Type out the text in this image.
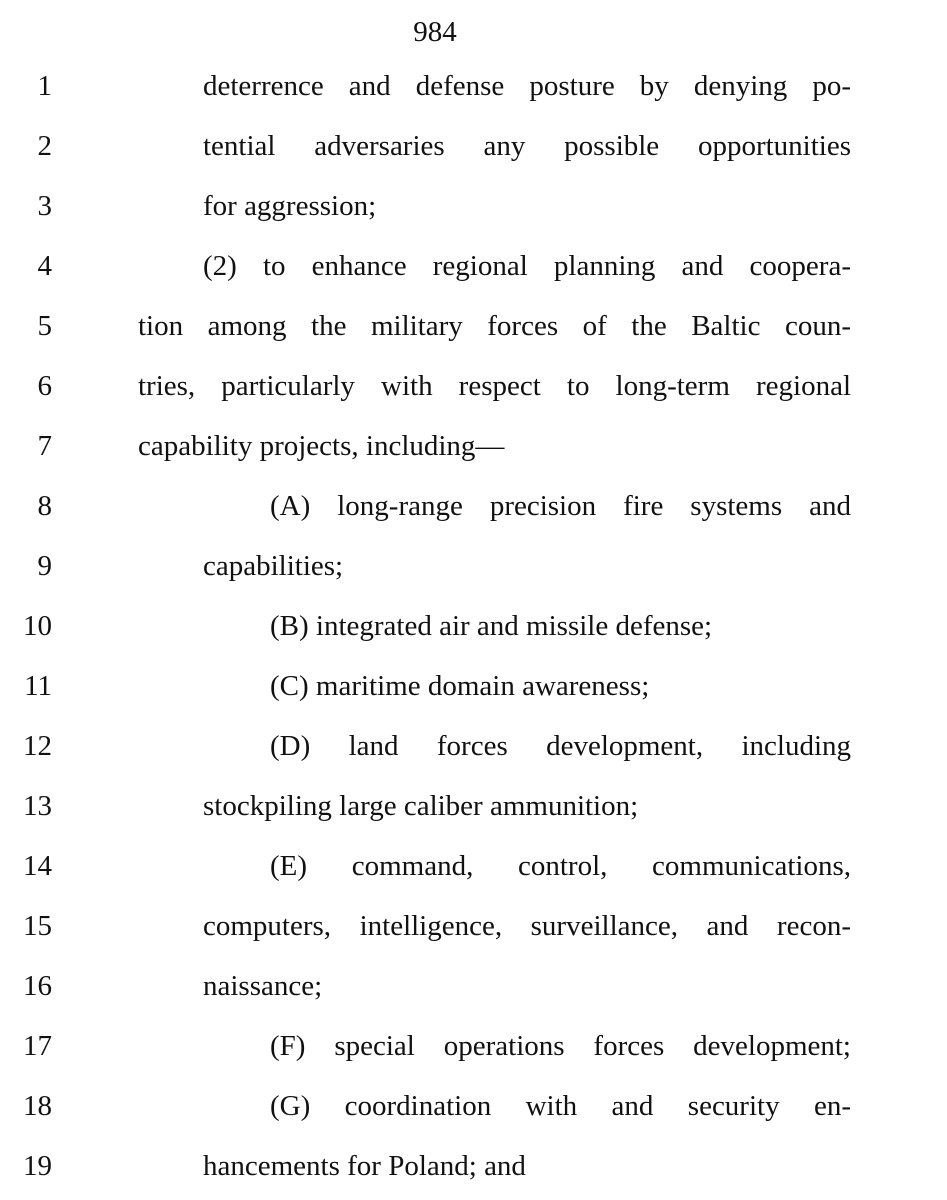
984
1	deterrence and defense posture by denying po-
2	tential adversaries any possible opportunities
3	for aggression;
4	(2) to enhance regional planning and coopera-
5	tion among the military forces of the Baltic coun-
6	tries, particularly with respect to long-term regional
7	capability projects, including—
8	(A) long-range precision fire systems and
9	capabilities;
10	(B) integrated air and missile defense;
11	(C) maritime domain awareness;
12	(D) land forces development, including
13	stockpiling large caliber ammunition;
14	(E) command, control, communications,
15	computers, intelligence, surveillance, and recon-
16	naissance;
17	(F) special operations forces development;
18	(G) coordination with and security en-
19	hancements for Poland; and
